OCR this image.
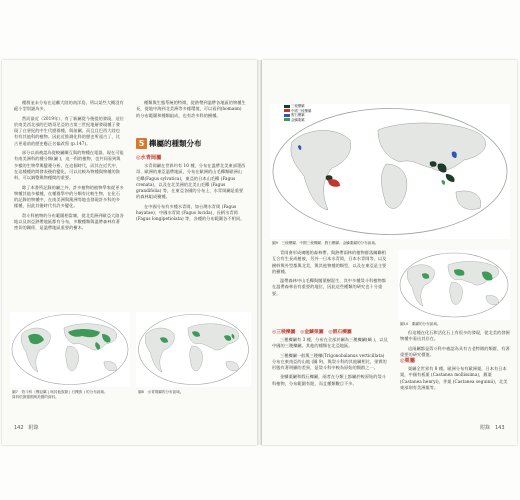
種群並未分布在這離大陸的南洋島，所以某些大概沒有絕小型別謎為多。

然而最近（2019年），有了新屬從今後提的發現，這位於南美西北部的巴塔哥尼亞的古第三世紀地層發現種子發現了白堊紀的中生代歷群種，與前屬，而且且巴西大陸也有有其他科的植物。因此近推測化科的歷史所遠古了，比古更遠前的歷史應正名偏改寫 (p.147)。

部分以前被認為從較屬關互與的物種在電器，現在可能有南美洲科的種分類(屬 )，這一科的植物，也共同看到與多樣的生物學與變遷分析，在這個時代，而其在近代中，在這種種的間發表後的變化，可以比較為物種與物種的資料，可以調整與物種間的重要。

除了本書所記錄的屬之外，許多植物的植物學家從更多物種其他多樣種，在種群學中的分類有比較生物，在化石的記錄的物種中，在南美洲與澳洲等地也發現許多科的多樣種，因此其後時代有許多變化。

殼斗科植物的分布範圍相當廣，從北美洲到歐亞大陸各地以及南亞熱帶地區都有分布，多數種類與溫帶森林有著密切的關係，是溫帶地區重要的樹木。

種類與生態系統的特徵，從熱帶到溫帶各地區的物種生長，從地中海到北美洲等多樣環境，可以看到(homann) 的分布範圍和種類組成，也有許多科的樹種。

5 櫸屬的種類分布
◎水青岡屬

水青岡屬在世界約有 10 種，分布在溫帶北美東部墨西哥、歐洲的東亞溫帶地區，分布在歐洲的山毛櫸類歐洲山毛櫸(Fagus sylvatica)，東亞的日本山毛櫸 (Fagus crenata)，以及在北美洲的北美山毛櫸 (Fagus grandifolia) 等，在東亞各國的分布上，水青岡屬是重要的森林組成樹種。

在中國分布有多種水青岡，如台灣水青岡 (Fagus hayatae)、中國水青岡 (Fagus lucida)、長柄水青岡 (Fagus longipetiolata) 等，各種的分布範圍各不相同。

圖7　殼斗科（櫟亞屬 | 與其他族類 | 石櫟族 ) 的分布區域。
資料依據德國與美國的資料。
圖8　水青岡屬的分布區域。
142　附錄
三稜櫟屬
中國三稜櫟屬
假石櫟屬
金鱗栗屬
圖9　三稜櫟屬、中國三稜櫟屬、假石櫟屬、金鱗栗屬的分布區域。

青岡會形成廣闊的森林帶，與熱帶雨林的植物群落關聯相互合有生長成植被，另外一日本水青岡，日本水青岡等，以及樹幹與外型都與北美，與其他物種的類型，以及在東亞是主要的樹種。

溫帶森林中山毛櫸與闊葉樹混生，其中多種殼斗科植物都在溫帶森林佔有重要的地位，因此這些種類的研究也十分重要。

圖10　栗屬的分布區域。
◎三稜櫟屬　◎金鱗栗屬　◎假石櫟屬

三稜櫟屬有 3 種，分布在全部於屬為三稜櫟屬(綱 )，以及中國的三稜櫟屬，其他的種類在北亞地區。

三稜櫟屬一般與三稜櫟(Trigonobalanus verticillata) 分布在東南亞的山地 (圖 9)，與殼斗科的其他屬相比，果實的形態有著明顯的差異，是殼斗科中較為原始的類群之一。

金鱗栗屬和假石櫟屬，兩者在分類上都屬於較原始的殼斗科植物，分布範圍有限，而且種類數目不多。

但這種在化石和活化石上有很多的發現，從北美的發掘物種中看出其存在。

這兩屬都是殼斗科中被認為具有古老特徵的類群，有著重要的研究價值。

◎栗屬

栗屬全世界有 8 種。歐洲分布有歐洲栗，日本有日本栗，中國有板栗 (Castanea mollissima)，錐栗 (Castanea henryi)，茅栗 (Castanea seguinii)，北美東部則有美洲栗等。

附錄　143
